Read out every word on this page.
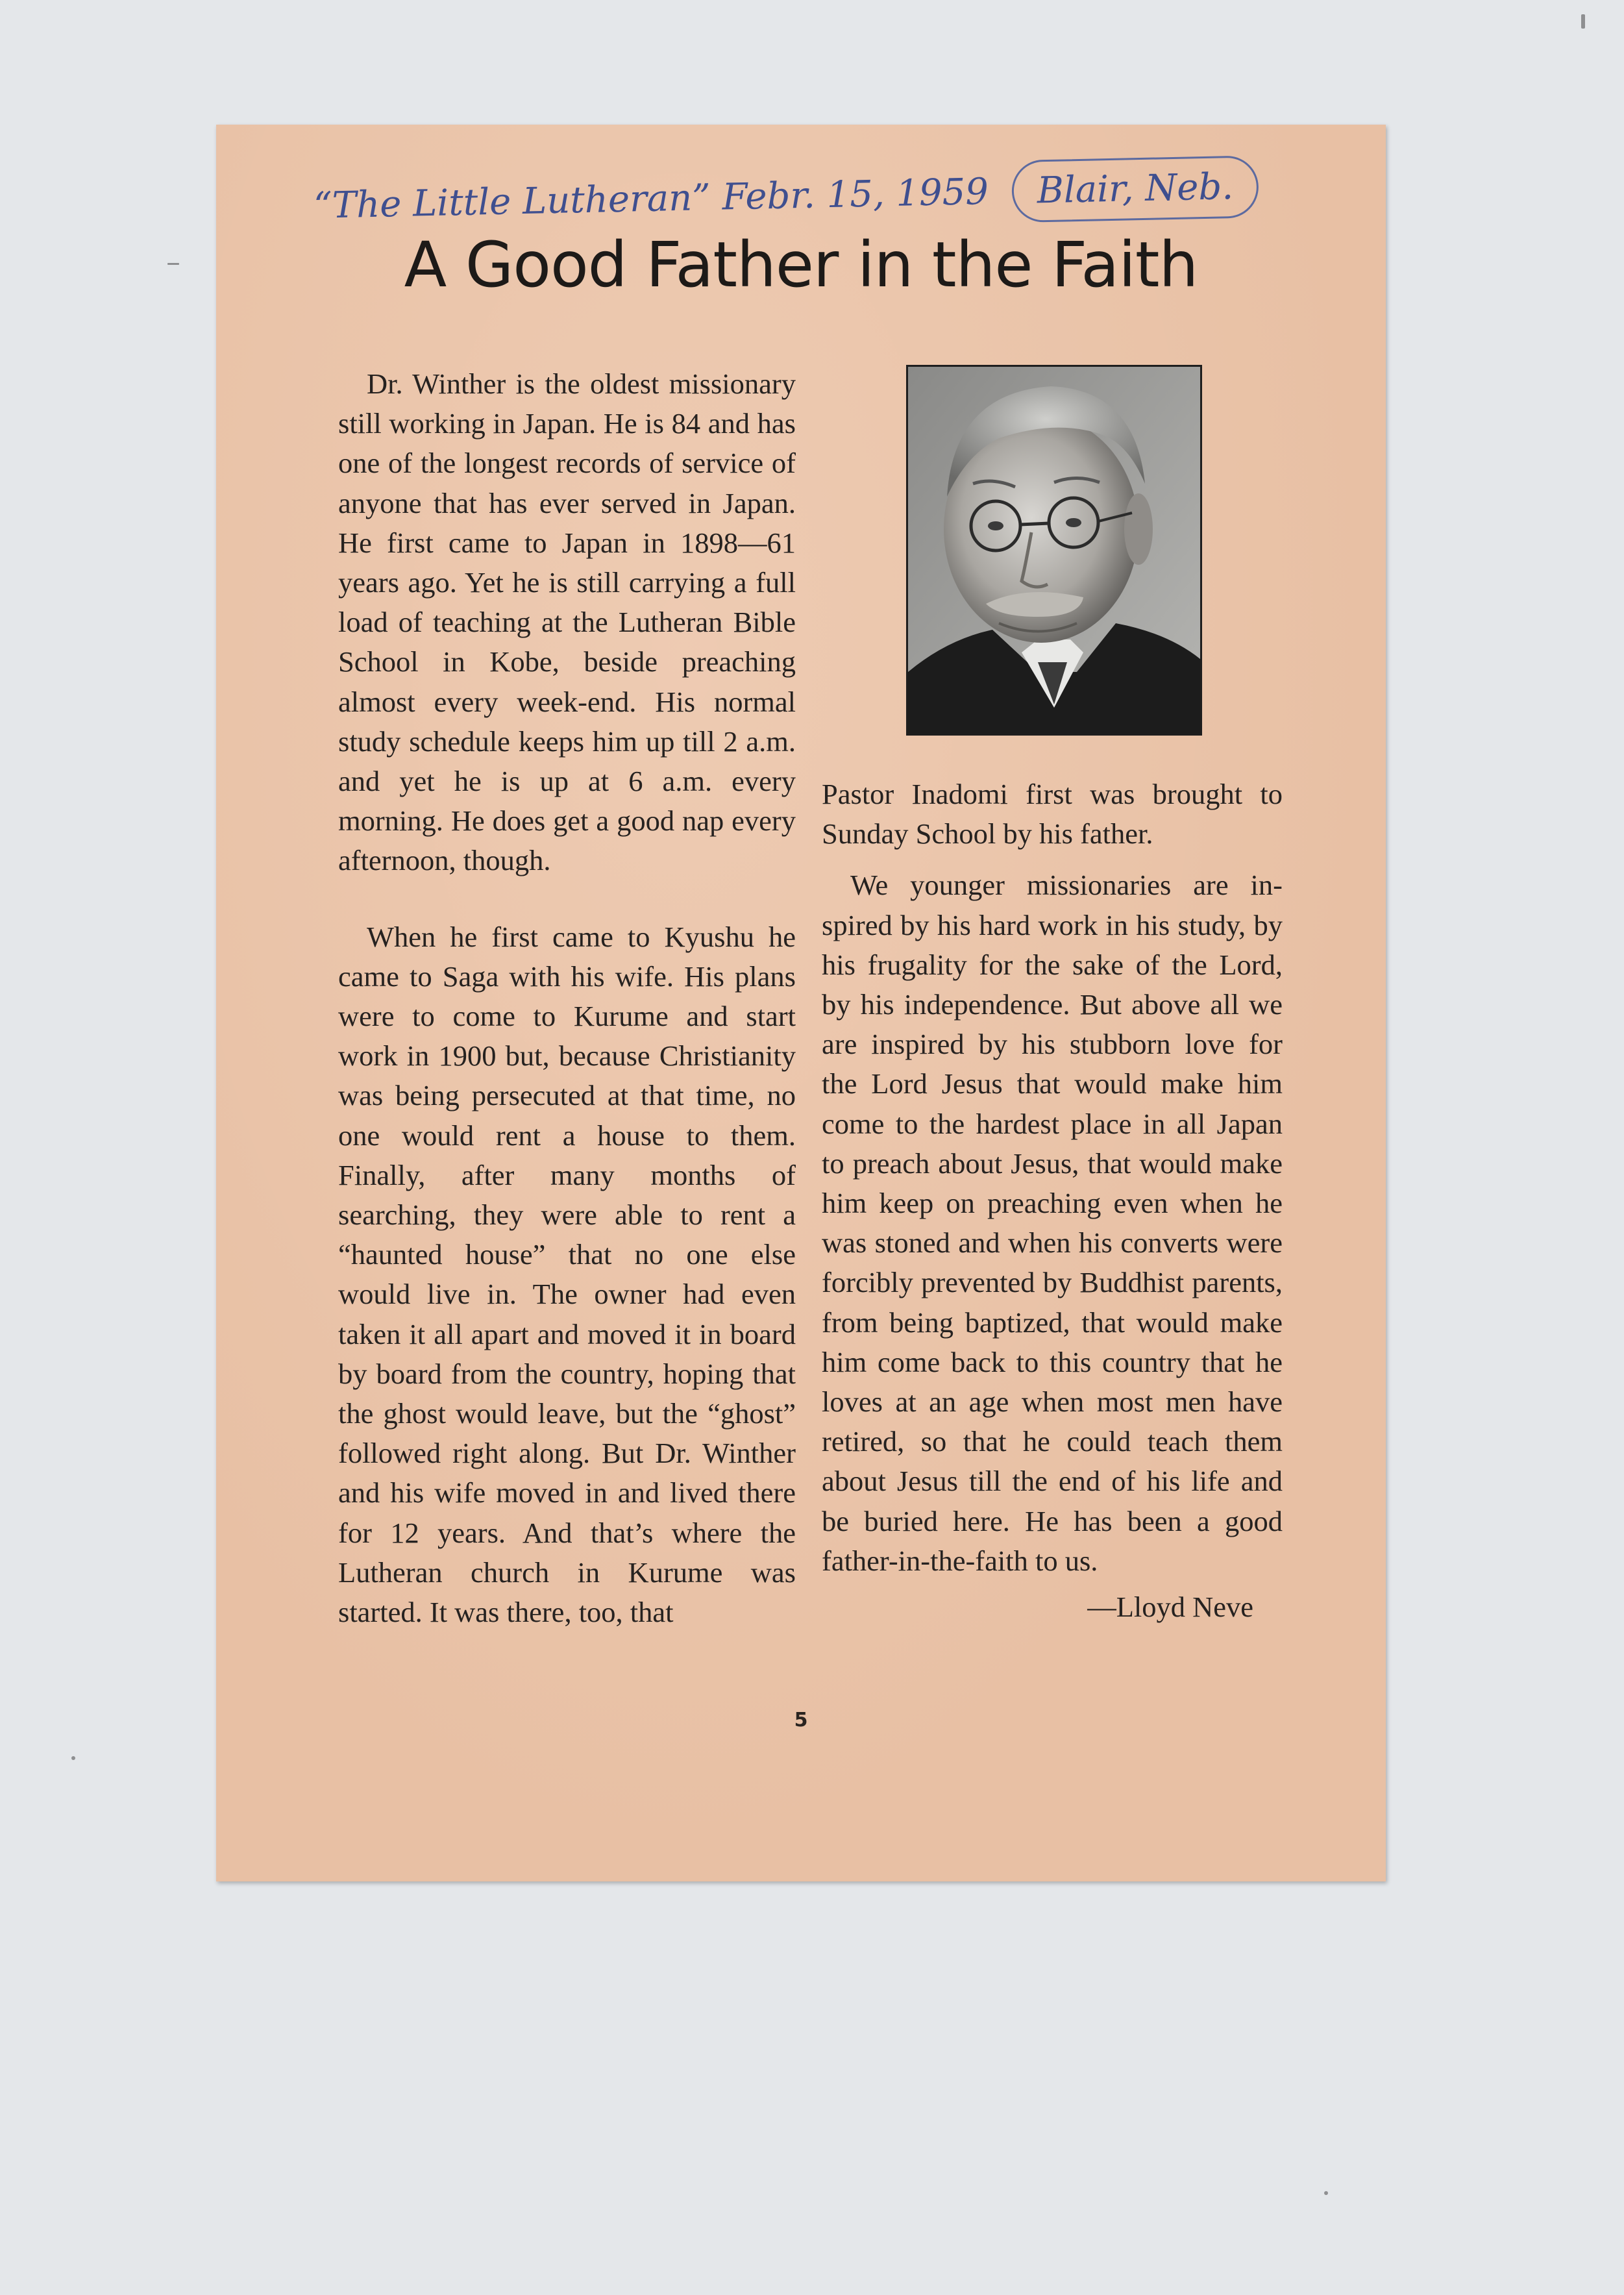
“The Little Lutheran” Febr. 15, 1959 Blair, Neb.
A Good Father in the Faith

Dr. Winther is the oldest missionary still working in Japan. He is 84 and has one of the longest records of service of anyone that has ever served in Japan. He first came to Japan in 1898—61 years ago. Yet he is still carrying a full load of teaching at the Lutheran Bible School in Kobe, beside preaching almost every week-end. His normal study schedule keeps him up till 2 a.m. and yet he is up at 6 a.m. every morning. He does get a good nap every afternoon, though.

When he first came to Kyushu he came to Saga with his wife. His plans were to come to Kurume and start work in 1900 but, because Christianity was being persecuted at that time, no one would rent a house to them. Finally, after many months of searching, they were able to rent a “haunted house” that no one else would live in. The owner had even taken it all apart and moved it in board by board from the country, hoping that the ghost would leave, but the “ghost” followed right along. But Dr. Winther and his wife moved in and lived there for 12 years. And that’s where the Lutheran church in Kurume was started. It was there, too, that

Pastor Inadomi first was brought to Sunday School by his father.

We younger missionaries are inspired by his hard work in his study, by his frugality for the sake of the Lord, by his independence. But above all we are inspired by his stubborn love for the Lord Jesus that would make him come to the hardest place in all Japan to preach about Jesus, that would make him keep on preaching even when he was stoned and when his converts were forcibly prevented by Buddhist parents, from being baptized, that would make him come back to this country that he loves at an age when most men have retired, so that he could teach them about Jesus till the end of his life and be buried here. He has been a good father-in-the-faith to us.

—Lloyd Neve

5
